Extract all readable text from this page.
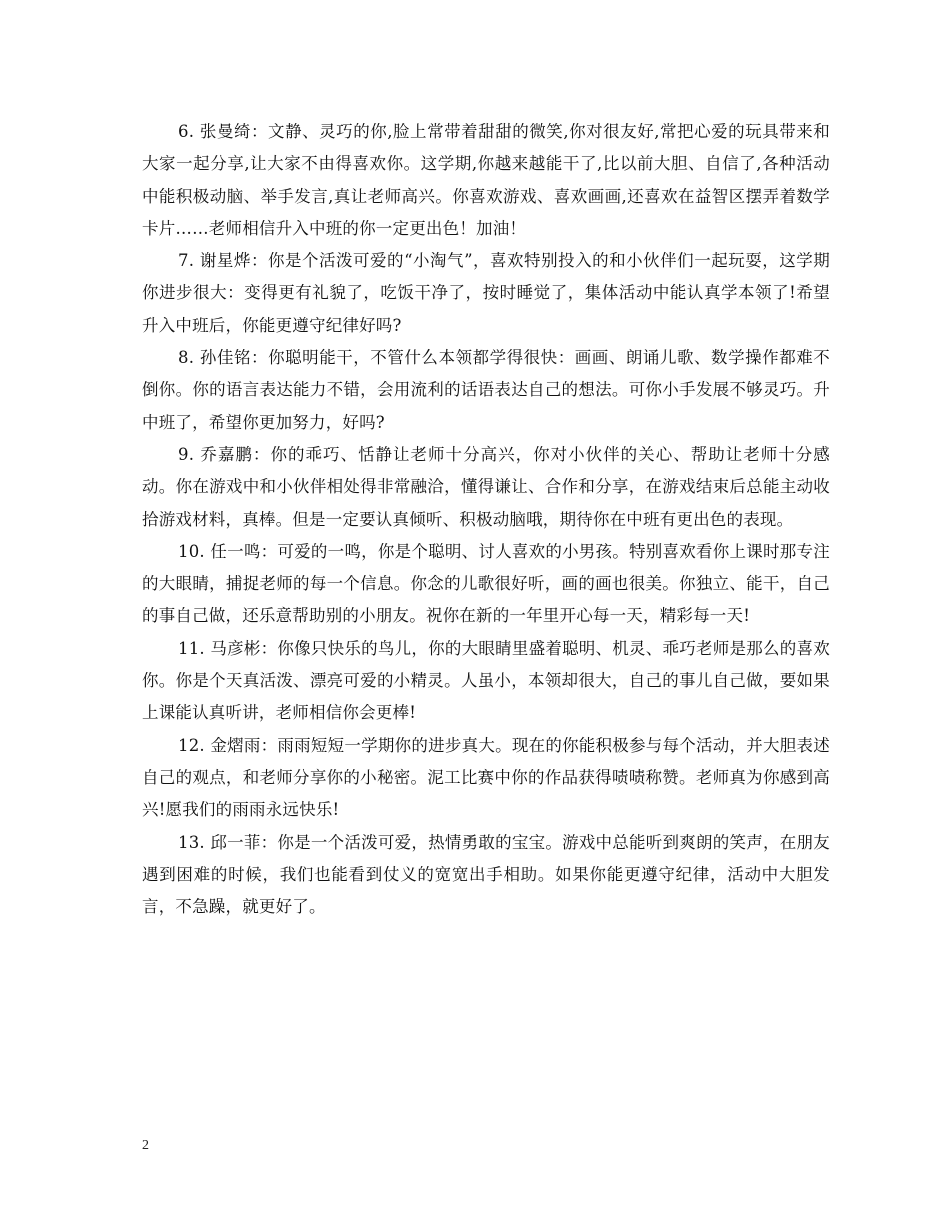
6. 张曼绮：文静、灵巧的你,脸上常带着甜甜的微笑,你对很友好,常把心爱的玩具带来和大家一起分享,让大家不由得喜欢你。这学期,你越来越能干了,比以前大胆、自信了,各种活动中能积极动脑、举手发言,真让老师高兴。你喜欢游戏、喜欢画画,还喜欢在益智区摆弄着数学卡片……老师相信升入中班的你一定更出色！加油！

7. 谢星烨：你是个活泼可爱的“小淘气”，喜欢特别投入的和小伙伴们一起玩耍，这学期你进步很大：变得更有礼貌了，吃饭干净了，按时睡觉了，集体活动中能认真学本领了!希望升入中班后，你能更遵守纪律好吗?

8. 孙佳铭：你聪明能干，不管什么本领都学得很快：画画、朗诵儿歌、数学操作都难不倒你。你的语言表达能力不错，会用流利的话语表达自己的想法。可你小手发展不够灵巧。升中班了，希望你更加努力，好吗?

9. 乔嘉鹏：你的乖巧、恬静让老师十分高兴，你对小伙伴的关心、帮助让老师十分感动。你在游戏中和小伙伴相处得非常融洽，懂得谦让、合作和分享，在游戏结束后总能主动收拾游戏材料，真棒。但是一定要认真倾听、积极动脑哦，期待你在中班有更出色的表现。

10. 任一鸣：可爱的一鸣，你是个聪明、讨人喜欢的小男孩。特别喜欢看你上课时那专注的大眼睛，捕捉老师的每一个信息。你念的儿歌很好听，画的画也很美。你独立、能干，自己的事自己做，还乐意帮助别的小朋友。祝你在新的一年里开心每一天，精彩每一天!

11. 马彦彬：你像只快乐的鸟儿，你的大眼睛里盛着聪明、机灵、乖巧老师是那么的喜欢你。你是个天真活泼、漂亮可爱的小精灵。人虽小，本领却很大，自己的事儿自己做，要如果上课能认真听讲，老师相信你会更棒!

12. 金熠雨：雨雨短短一学期你的进步真大。现在的你能积极参与每个活动，并大胆表述自己的观点，和老师分享你的小秘密。泥工比赛中你的作品获得啧啧称赞。老师真为你感到高兴!愿我们的雨雨永远快乐!

13. 邱一菲：你是一个活泼可爱，热情勇敢的宝宝。游戏中总能听到爽朗的笑声，在朋友遇到困难的时候，我们也能看到仗义的宽宽出手相助。如果你能更遵守纪律，活动中大胆发言，不急躁，就更好了。

2
